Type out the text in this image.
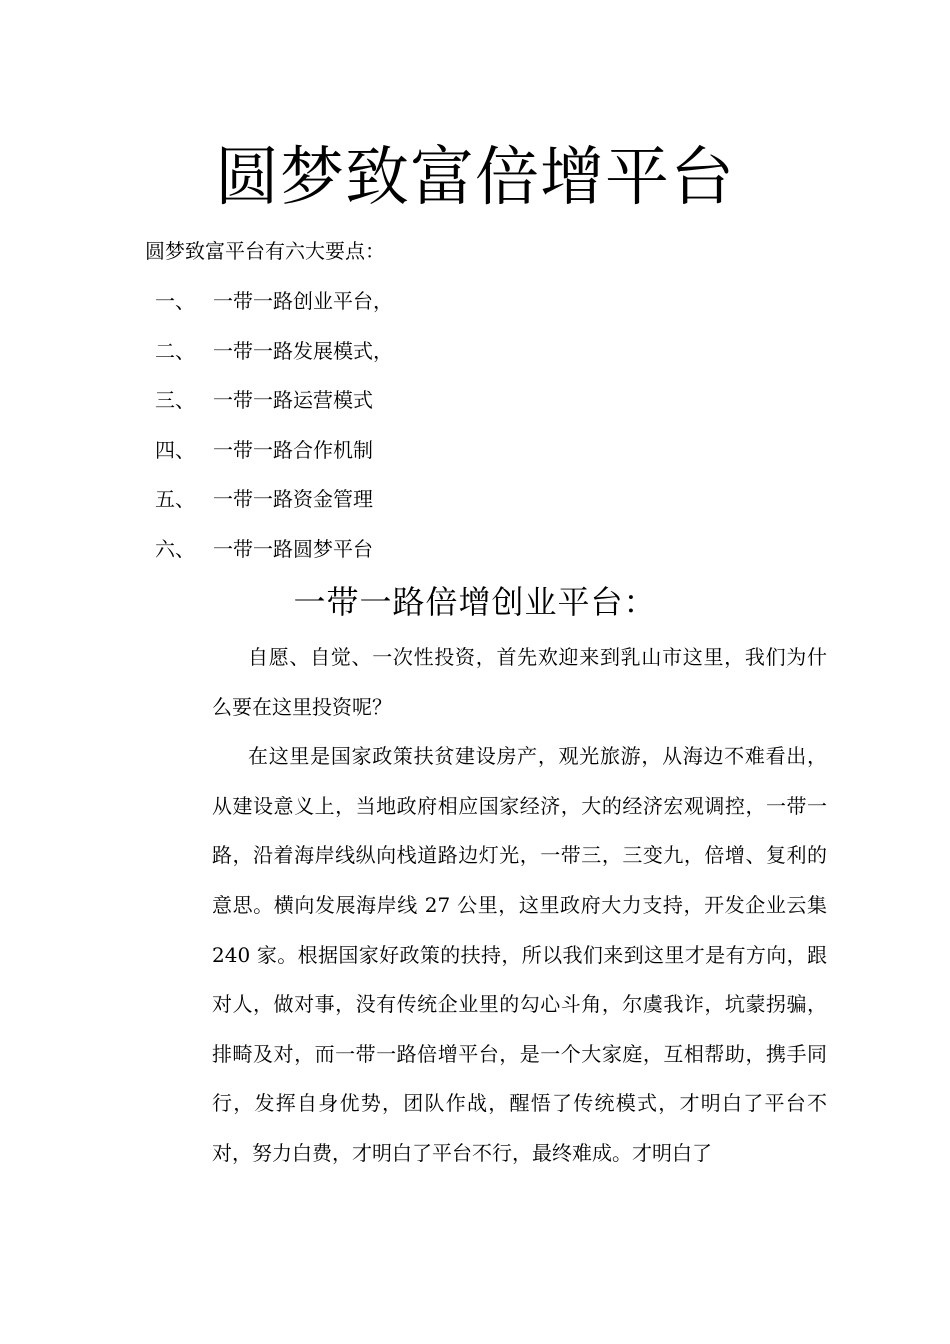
圆梦致富倍增平台

圆梦致富平台有六大要点：

一、 一带一路创业平台，
二、 一带一路发展模式，
三、 一带一路运营模式
四、 一带一路合作机制
五、 一带一路资金管理
六、 一带一路圆梦平台
一带一路倍增创业平台：

自愿、自觉、一次性投资，首先欢迎来到乳山市这里，我们为什么要在这里投资呢？

在这里是国家政策扶贫建设房产，观光旅游，从海边不难看出，从建设意义上，当地政府相应国家经济，大的经济宏观调控，一带一路，沿着海岸线纵向栈道路边灯光，一带三，三变九，倍增、复利的意思。横向发展海岸线 27 公里，这里政府大力支持，开发企业云集 240 家。根据国家好政策的扶持，所以我们来到这里才是有方向，跟对人，做对事，没有传统企业里的勾心斗角，尔虞我诈，坑蒙拐骗，排畸及对，而一带一路倍增平台，是一个大家庭，互相帮助，携手同行，发挥自身优势，团队作战，醒悟了传统模式，才明白了平台不对，努力白费，才明白了平台不行，最终难成。才明白了
